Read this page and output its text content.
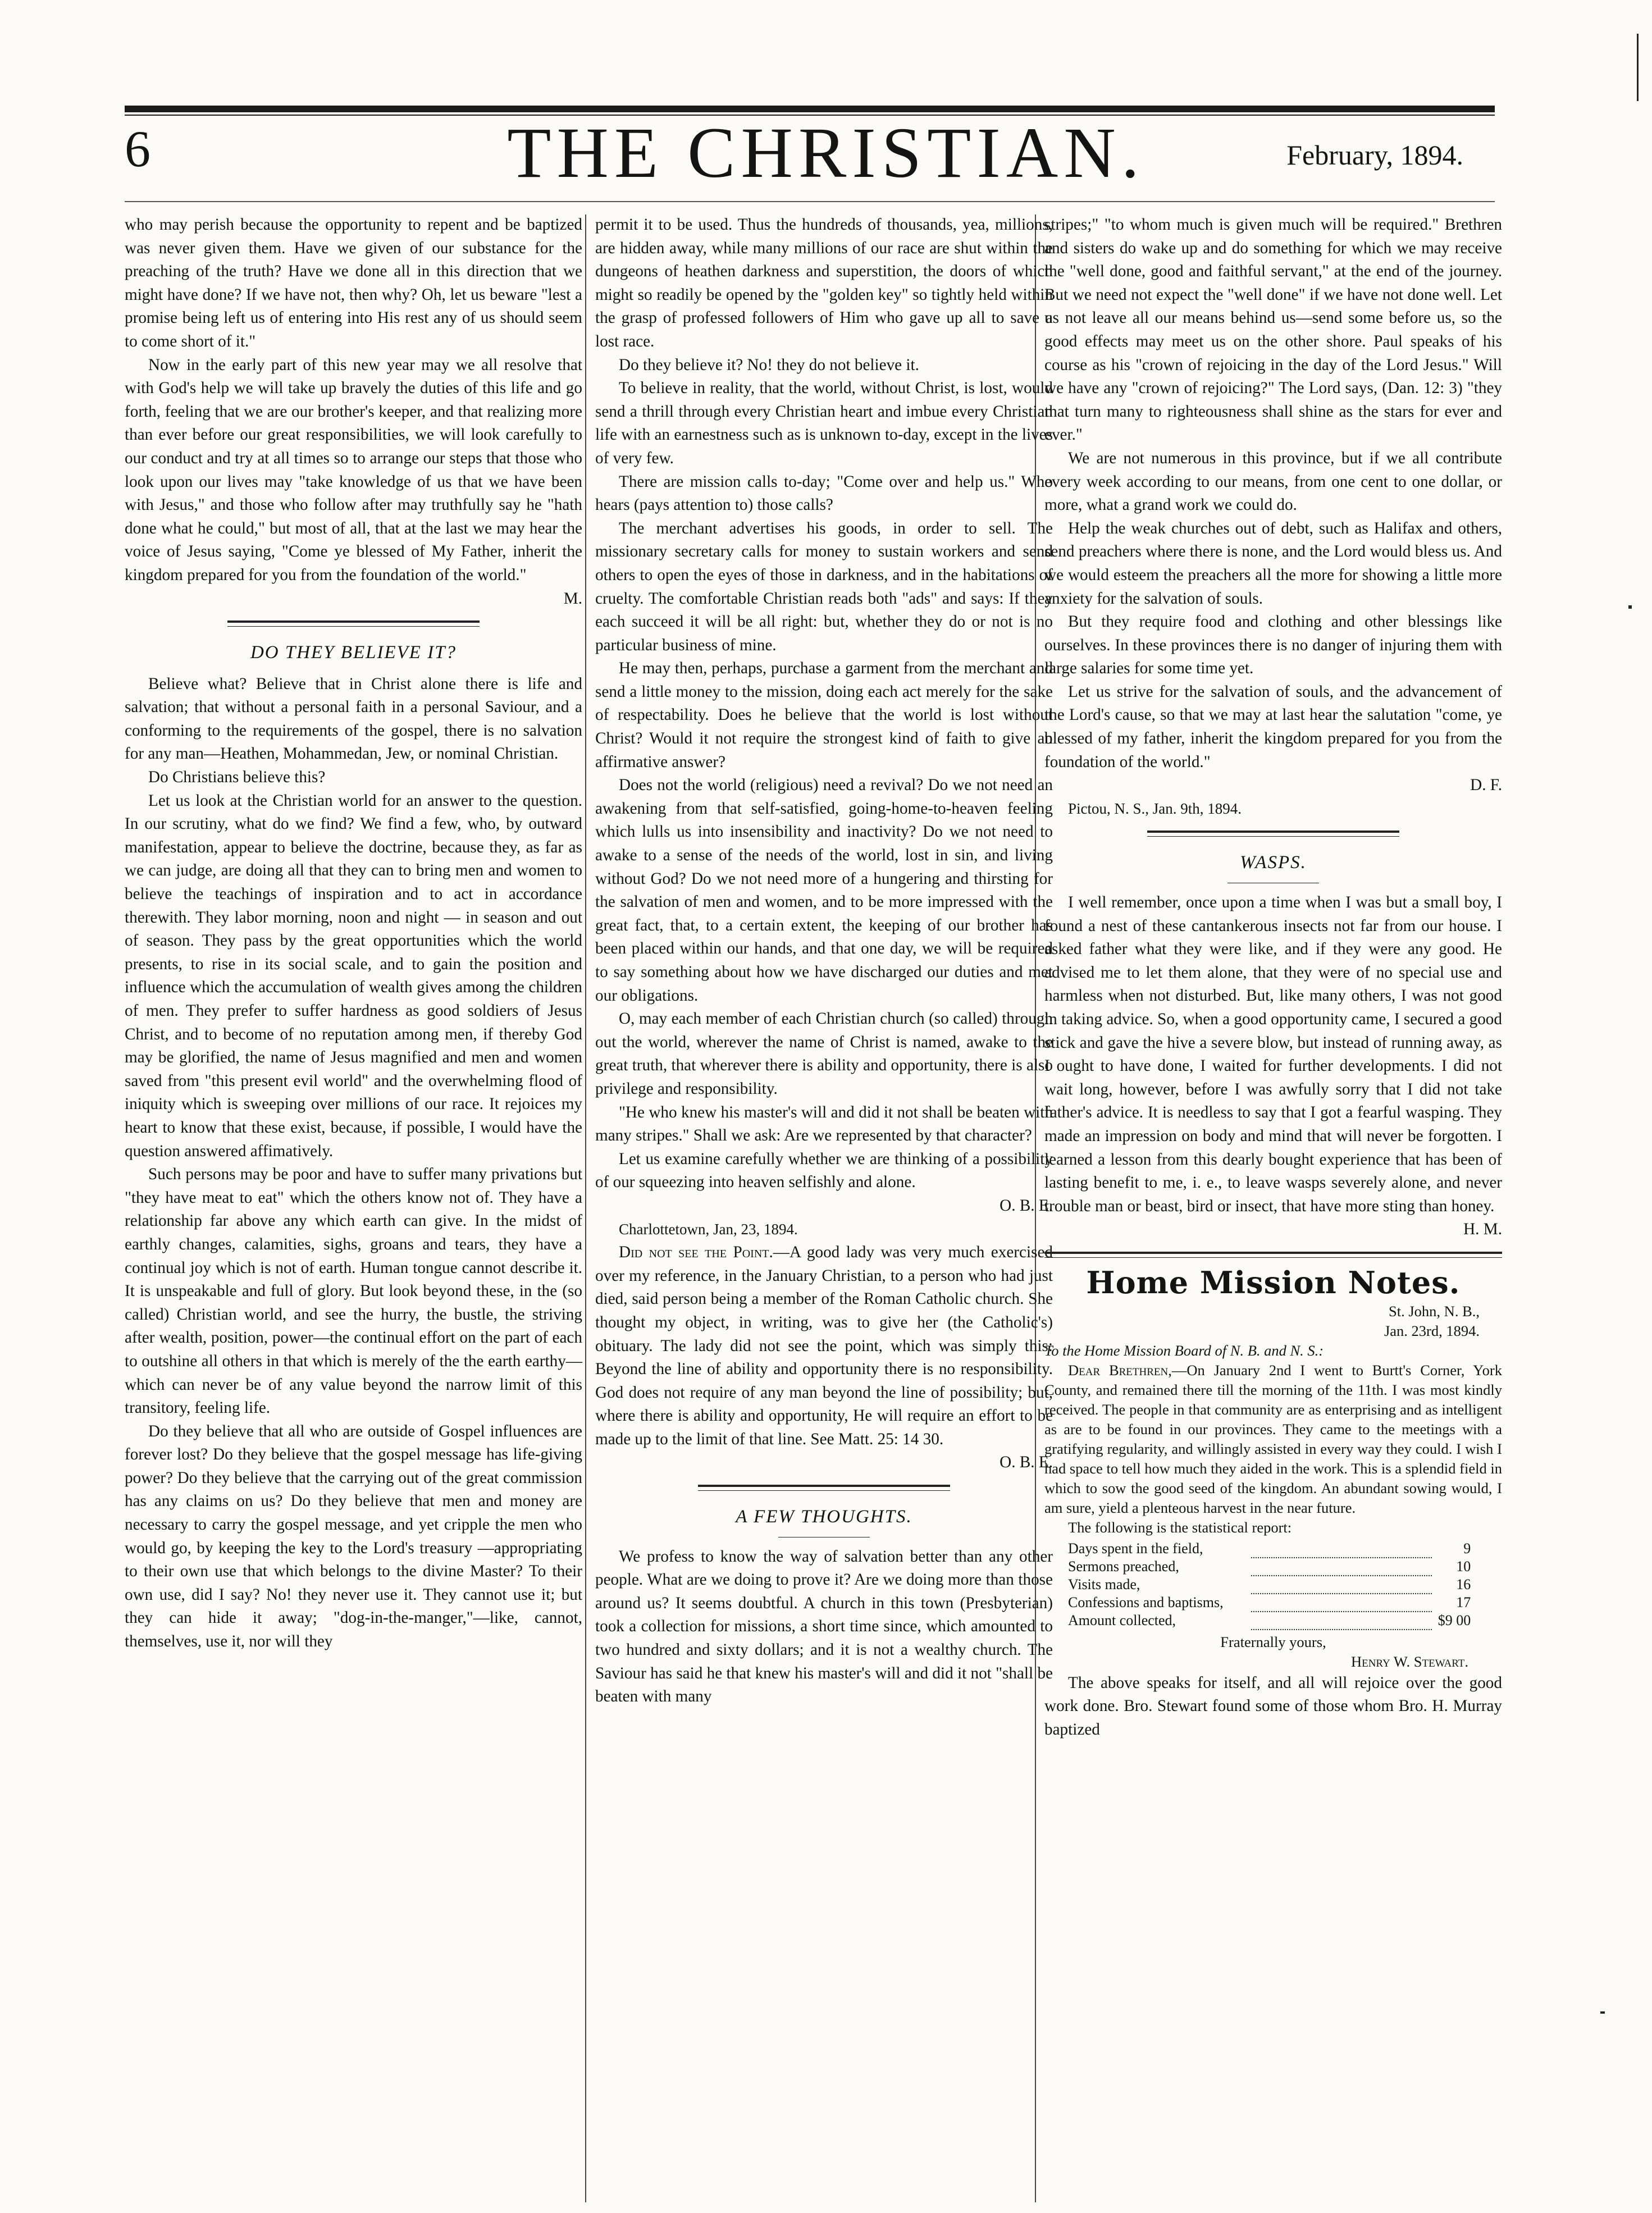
6	THE CHRISTIAN.	February, 1894.

who may perish because the opportunity to repent and be baptized was never given them. Have we given of our substance for the preaching of the truth? Have we done all in this direction that we might have done? If we have not, then why? Oh, let us beware "lest a promise being left us of entering into His rest any of us should seem to come short of it."

Now in the early part of this new year may we all resolve that with God's help we will take up bravely the duties of this life and go forth, feeling that we are our brother's keeper, and that realizing more than ever before our great responsibilities, we will look carefully to our conduct and try at all times so to arrange our steps that those who look upon our lives may "take knowledge of us that we have been with Jesus," and those who follow after may truthfully say he "hath done what he could," but most of all, that at the last we may hear the voice of Jesus saying, "Come ye blessed of My Father, inherit the kingdom prepared for you from the foundation of the world."

M.
DO THEY BELIEVE IT?

Believe what? Believe that in Christ alone there is life and salvation; that without a personal faith in a personal Saviour, and a conforming to the requirements of the gospel, there is no salvation for any man—Heathen, Mohammedan, Jew, or nominal Christian.

Do Christians believe this?

Let us look at the Christian world for an answer to the question. In our scrutiny, what do we find? We find a few, who, by outward manifestation, appear to believe the doctrine, because they, as far as we can judge, are doing all that they can to bring men and women to believe the teachings of inspiration and to act in accordance therewith. They labor morning, noon and night — in season and out of season. They pass by the great opportunities which the world presents, to rise in its social scale, and to gain the position and influence which the accumulation of wealth gives among the children of men. They prefer to suffer hardness as good soldiers of Jesus Christ, and to become of no reputation among men, if thereby God may be glorified, the name of Jesus magnified and men and women saved from "this present evil world" and the overwhelming flood of iniquity which is sweeping over millions of our race. It rejoices my heart to know that these exist, because, if possible, I would have the question answered affimatively.

Such persons may be poor and have to suffer many privations but "they have meat to eat" which the others know not of. They have a relationship far above any which earth can give. In the midst of earthly changes, calamities, sighs, groans and tears, they have a continual joy which is not of earth. Human tongue cannot describe it. It is unspeakable and full of glory. But look beyond these, in the (so called) Christian world, and see the hurry, the bustle, the striving after wealth, position, power—the continual effort on the part of each to outshine all others in that which is merely of the the earth earthy—which can never be of any value beyond the narrow limit of this transitory, feeling life.

Do they believe that all who are outside of Gospel influences are forever lost? Do they believe that the gospel message has life-giving power? Do they believe that the carrying out of the great commission has any claims on us? Do they believe that men and money are necessary to carry the gospel message, and yet cripple the men who would go, by keeping the key to the Lord's treasury —appropriating to their own use that which belongs to the divine Master? To their own use, did I say? No! they never use it. They cannot use it; but they can hide it away; "dog-in-the-manger,"—like, cannot, themselves, use it, nor will they

permit it to be used. Thus the hundreds of thousands, yea, millions, are hidden away, while many millions of our race are shut within the dungeons of heathen darkness and superstition, the doors of which might so readily be opened by the "golden key" so tightly held within the grasp of professed followers of Him who gave up all to save a lost race.

Do they believe it? No! they do not believe it.

To believe in reality, that the world, without Christ, is lost, would send a thrill through every Christian heart and imbue every Christian life with an earnestness such as is unknown to-day, except in the lives of very few.

There are mission calls to-day; "Come over and help us." Who hears (pays attention to) those calls?

The merchant advertises his goods, in order to sell. The missionary secretary calls for money to sustain workers and send others to open the eyes of those in darkness, and in the habitations of cruelty. The comfortable Christian reads both "ads" and says: If they each succeed it will be all right: but, whether they do or not is no particular business of mine.

He may then, perhaps, purchase a garment from the merchant and send a little money to the mission, doing each act merely for the sake of respectability. Does he believe that the world is lost without Christ? Would it not require the strongest kind of faith to give an affirmative answer?

Does not the world (religious) need a revival? Do we not need an awakening from that self-satisfied, going-home-to-heaven feeling which lulls us into insensibility and inactivity? Do we not need to awake to a sense of the needs of the world, lost in sin, and living without God? Do we not need more of a hungering and thirsting for the salvation of men and women, and to be more impressed with the great fact, that, to a certain extent, the keeping of our brother has been placed within our hands, and that one day, we will be required to say something about how we have discharged our duties and met our obligations.

O, may each member of each Christian church (so called) through out the world, wherever the name of Christ is named, awake to the great truth, that wherever there is ability and opportunity, there is also privilege and responsibility.

"He who knew his master's will and did it not shall be beaten with many stripes." Shall we ask: Are we represented by that character?

Let us examine carefully whether we are thinking of a possibility of our squeezing into heaven selfishly and alone.

O. B. E.

Charlottetown, Jan, 23, 1894.

Did not see the Point.—A good lady was very much exercised over my reference, in the January Christian, to a person who had just died, said person being a member of the Roman Catholic church. She thought my object, in writing, was to give her (the Catholic's) obituary. The lady did not see the point, which was simply this: Beyond the line of ability and opportunity there is no responsibility. God does not require of any man beyond the line of possibility; but, where there is ability and opportunity, He will require an effort to be made up to the limit of that line. See Matt. 25: 14 30.

O. B. E.
A FEW THOUGHTS.

We profess to know the way of salvation better than any other people. What are we doing to prove it? Are we doing more than those around us? It seems doubtful. A church in this town (Presbyterian) took a collection for missions, a short time since, which amounted to two hundred and sixty dollars; and it is not a wealthy church. The Saviour has said he that knew his master's will and did it not "shall be beaten with many

stripes;" "to whom much is given much will be required." Brethren and sisters do wake up and do something for which we may receive the "well done, good and faithful servant," at the end of the journey. But we need not expect the "well done" if we have not done well. Let us not leave all our means behind us—send some before us, so the good effects may meet us on the other shore. Paul speaks of his course as his "crown of rejoicing in the day of the Lord Jesus." Will we have any "crown of rejoicing?" The Lord says, (Dan. 12: 3) "they that turn many to righteousness shall shine as the stars for ever and ever."

We are not numerous in this province, but if we all contribute every week according to our means, from one cent to one dollar, or more, what a grand work we could do.

Help the weak churches out of debt, such as Halifax and others, send preachers where there is none, and the Lord would bless us. And we would esteem the preachers all the more for showing a little more anxiety for the salvation of souls.

But they require food and clothing and other blessings like ourselves. In these provinces there is no danger of injuring them with large salaries for some time yet.

Let us strive for the salvation of souls, and the advancement of the Lord's cause, so that we may at last hear the salutation "come, ye blessed of my father, inherit the kingdom prepared for you from the foundation of the world."

D. F.

Pictou, N. S., Jan. 9th, 1894.

WASPS.

I well remember, once upon a time when I was but a small boy, I found a nest of these cantankerous insects not far from our house. I asked father what they were like, and if they were any good. He advised me to let them alone, that they were of no special use and harmless when not disturbed. But, like many others, I was not good in taking advice. So, when a good opportunity came, I secured a good stick and gave the hive a severe blow, but instead of running away, as I ought to have done, I waited for further developments. I did not wait long, however, before I was awfully sorry that I did not take father's advice. It is needless to say that I got a fearful wasping. They made an impression on body and mind that will never be forgotten. I learned a lesson from this dearly bought experience that has been of lasting benefit to me, i. e., to leave wasps severely alone, and never trouble man or beast, bird or insect, that have more sting than honey.

H. M.
Home Mission Notes.
St. John, N. B.,
Jan. 23rd, 1894.
To the Home Mission Board of N. B. and N. S.:

Dear Brethren,—On January 2nd I went to Burtt's Corner, York County, and remained there till the morning of the 11th. I was most kindly received. The people in that community are as enterprising and as intelligent as are to be found in our provinces. They came to the meetings with a gratifying regularity, and willingly assisted in every way they could. I wish I had space to tell how much they aided in the work. This is a splendid field in which to sow the good seed of the kingdom. An abundant sowing would, I am sure, yield a plenteous harvest in the near future.

The following is the statistical report:

Days spent in the field,		9
Sermons preached,		10
Visits made,		16
Confessions and baptisms,		17
Amount collected,		$9 00
Fraternally yours,
Henry W. Stewart.

The above speaks for itself, and all will rejoice over the good work done. Bro. Stewart found some of those whom Bro. H. Murray baptized
